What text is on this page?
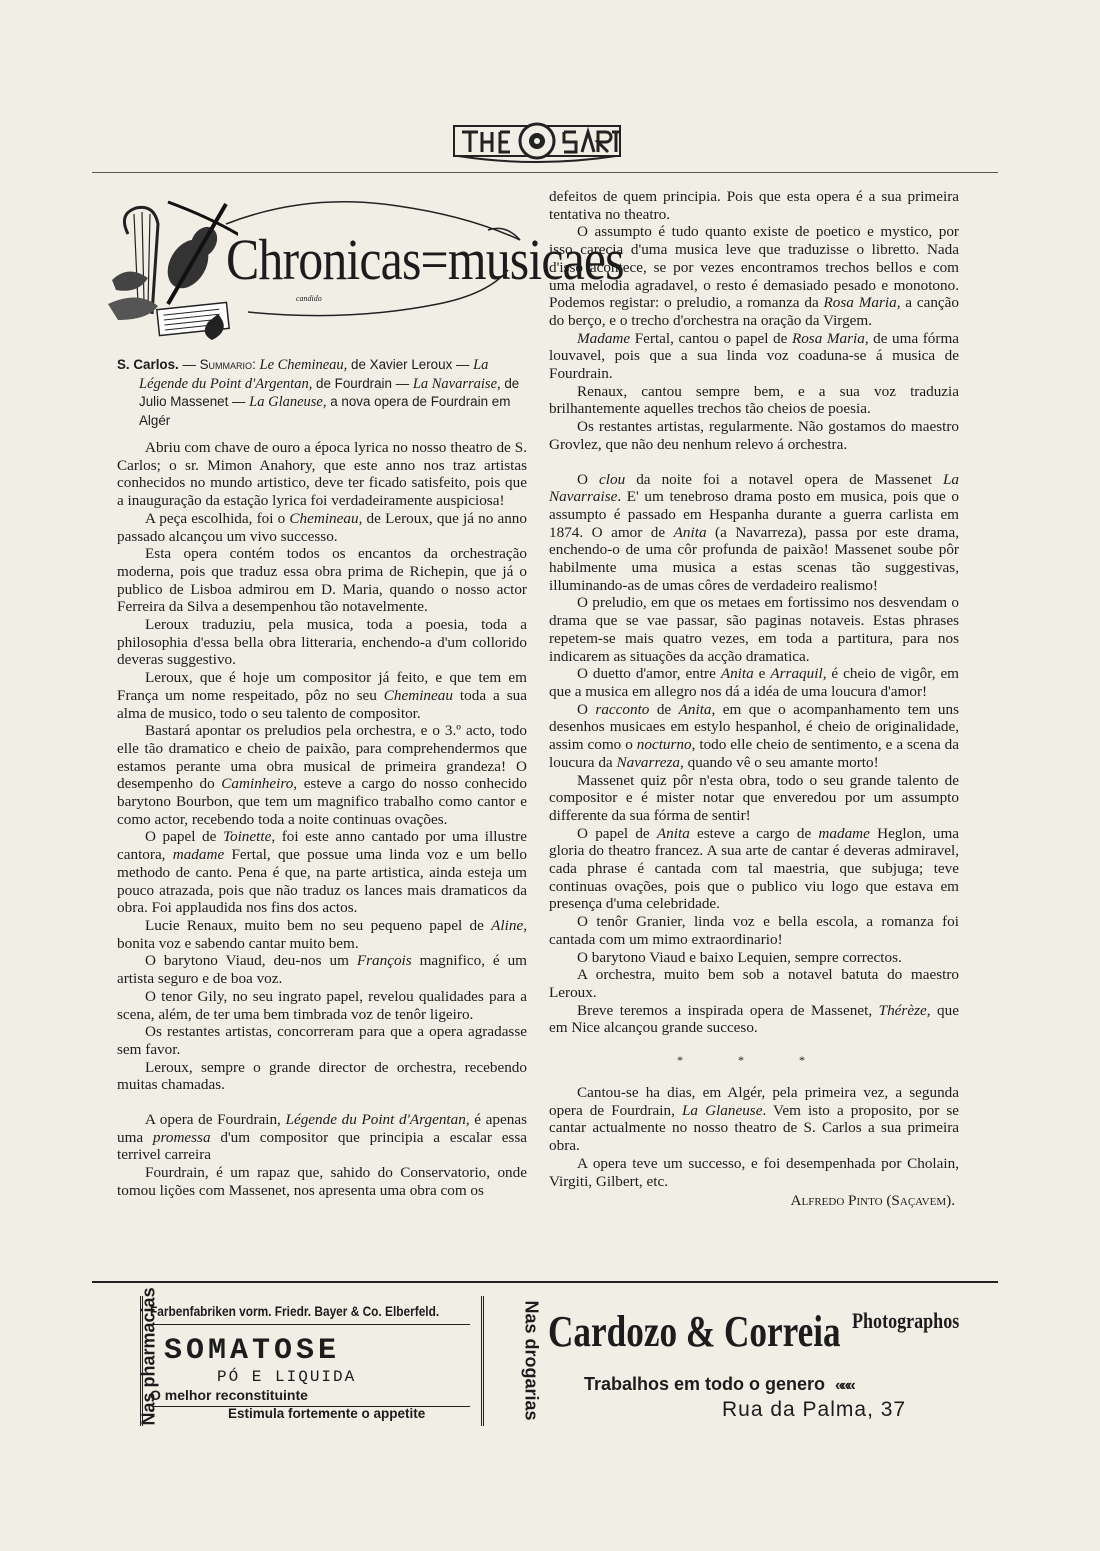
Chronicas=musicaes
candido
S. Carlos. — Summario: Le Chemineau, de Xavier Leroux — La Légende du Point d'Argentan, de Fourdrain — La Navarraise, de Julio Massenet — La Glaneuse, a nova opera de Fourdrain em Algér

Abriu com chave de ouro a época lyrica no nosso theatro de S. Carlos; o sr. Mimon Anahory, que este anno nos traz artistas conhecidos no mundo artistico, deve ter ficado satisfeito, pois que a inauguração da estação lyrica foi verdadeiramente auspiciosa!

A peça escolhida, foi o Chemineau, de Leroux, que já no anno passado alcançou um vivo successo.

Esta opera contém todos os encantos da orchestração moderna, pois que traduz essa obra prima de Richepin, que já o publico de Lisboa admirou em D. Maria, quando o nosso actor Ferreira da Silva a desempenhou tão notavelmente.

Leroux traduziu, pela musica, toda a poesia, toda a philosophia d'essa bella obra litteraria, enchendo-a d'um collorido deveras suggestivo.

Leroux, que é hoje um compositor já feito, e que tem em França um nome respeitado, pôz no seu Chemineau toda a sua alma de musico, todo o seu talento de compositor.

Bastará apontar os preludios pela orchestra, e o 3.º acto, todo elle tão dramatico e cheio de paixão, para comprehendermos que estamos perante uma obra musical de primeira grandeza! O desempenho do Caminheiro, esteve a cargo do nosso conhecido barytono Bourbon, que tem um magnifico trabalho como cantor e como actor, recebendo toda a noite continuas ovações.

O papel de Toinette, foi este anno cantado por uma illustre cantora, madame Fertal, que possue uma linda voz e um bello methodo de canto. Pena é que, na parte artistica, ainda esteja um pouco atrazada, pois que não traduz os lances mais dramaticos da obra. Foi applaudida nos fins dos actos.

Lucie Renaux, muito bem no seu pequeno papel de Aline, bonita voz e sabendo cantar muito bem.

O barytono Viaud, deu-nos um François magnifico, é um artista seguro e de boa voz.

O tenor Gily, no seu ingrato papel, revelou qualidades para a scena, além, de ter uma bem timbrada voz de tenôr ligeiro.

Os restantes artistas, concorreram para que a opera agradasse sem favor.

Leroux, sempre o grande director de orchestra, recebendo muitas chamadas.

A opera de Fourdrain, Légende du Point d'Argentan, é apenas uma promessa d'um compositor que principia a escalar essa terrivel carreira

Fourdrain, é um rapaz que, sahido do Conservatorio, onde tomou lições com Massenet, nos apresenta uma obra com os

defeitos de quem principia. Pois que esta opera é a sua primeira tentativa no theatro.

O assumpto é tudo quanto existe de poetico e mystico, por isso carecia d'uma musica leve que traduzisse o libretto. Nada d'isso acontece, se por vezes encontramos trechos bellos e com uma melodia agradavel, o resto é demasiado pesado e monotono. Podemos registar: o preludio, a romanza da Rosa Maria, a canção do berço, e o trecho d'orchestra na oração da Virgem.

Madame Fertal, cantou o papel de Rosa Maria, de uma fórma louvavel, pois que a sua linda voz coaduna-se á musica de Fourdrain.

Renaux, cantou sempre bem, e a sua voz traduzia brilhantemente aquelles trechos tão cheios de poesia.

Os restantes artistas, regularmente. Não gostamos do maestro Grovlez, que não deu nenhum relevo á orchestra.

O clou da noite foi a notavel opera de Massenet La Navarraise. E' um tenebroso drama posto em musica, pois que o assumpto é passado em Hespanha durante a guerra carlista em 1874. O amor de Anita (a Navarreza), passa por este drama, enchendo-o de uma côr profunda de paixão! Massenet soube pôr habilmente uma musica a estas scenas tão suggestivas, illuminando-as de umas côres de verdadeiro realismo!

O preludio, em que os metaes em fortissimo nos desvendam o drama que se vae passar, são paginas notaveis. Estas phrases repetem-se mais quatro vezes, em toda a partitura, para nos indicarem as situações da acção dramatica.

O duetto d'amor, entre Anita e Arraquil, é cheio de vigôr, em que a musica em allegro nos dá a idéa de uma loucura d'amor!

O racconto de Anita, em que o acompanhamento tem uns desenhos musicaes em estylo hespanhol, é cheio de originalidade, assim como o nocturno, todo elle cheio de sentimento, e a scena da loucura da Navarreza, quando vê o seu amante morto!

Massenet quiz pôr n'esta obra, todo o seu grande talento de compositor e é mister notar que enveredou por um assumpto differente da sua fórma de sentir!

O papel de Anita esteve a cargo de madame Heglon, uma gloria do theatro francez. A sua arte de cantar é deveras admiravel, cada phrase é cantada com tal maestria, que subjuga; teve continuas ovações, pois que o publico viu logo que estava em presença d'uma celebridade.

O tenôr Granier, linda voz e bella escola, a romanza foi cantada com um mimo extraordinario!

O barytono Viaud e baixo Lequien, sempre correctos.

A orchestra, muito bem sob a notavel batuta do maestro Leroux.

Breve teremos a inspirada opera de Massenet, Thérèze, que em Nice alcançou grande succeso.

* * *

Cantou-se ha dias, em Algér, pela primeira vez, a segunda opera de Fourdrain, La Glaneuse. Vem isto a proposito, por se cantar actualmente no nosso theatro de S. Carlos a sua primeira obra.

A opera teve um successo, e foi desempenhada por Cholain, Virgiti, Gilbert, etc.

Alfredo Pinto (Saçavem).
Nas pharmacias
Farbenfabriken vorm. Friedr. Bayer & Co. Elberfeld.
SOMATOSE
PÓ E LIQUIDA
O melhor reconstituinte
Estimula fortemente o appetite	Nas drogarias Cardozo & Correia Photographos
Trabalhos em todo o genero «««
Rua da Palma, 37
